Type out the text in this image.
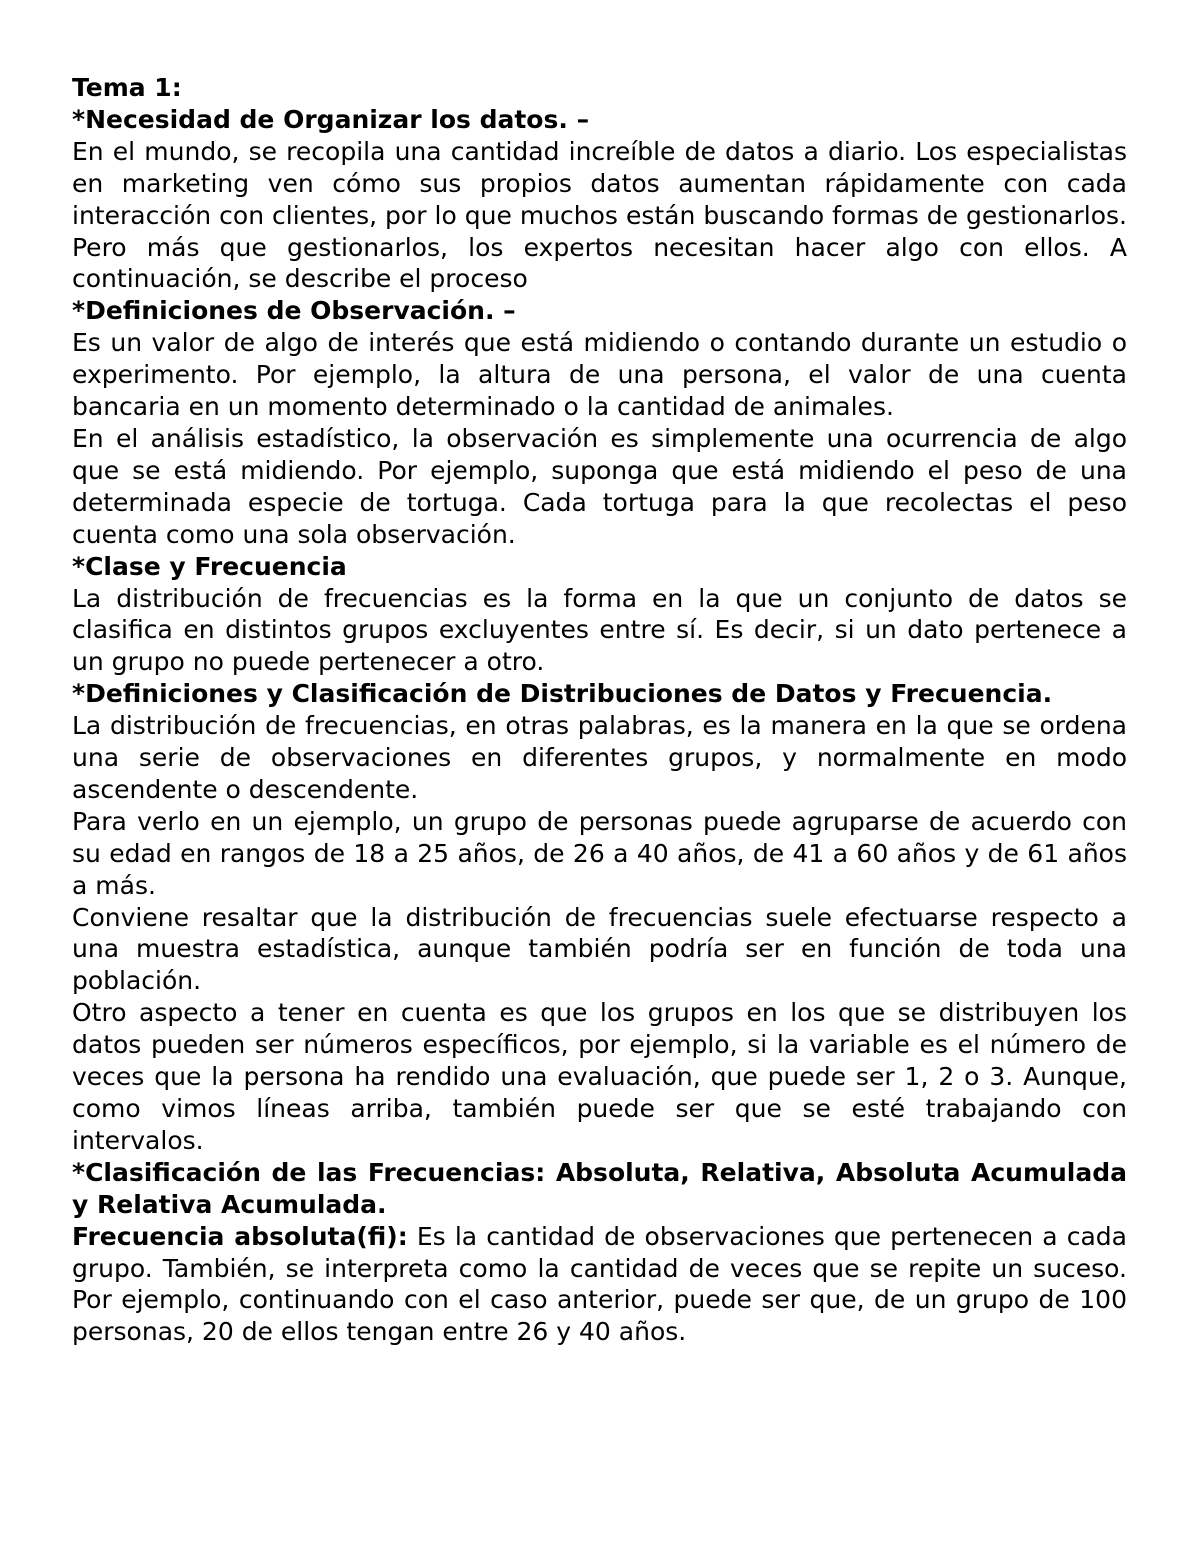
Tema 1:

*Necesidad de Organizar los datos. –

En el mundo, se recopila una cantidad increíble de datos a diario. Los especialistas en marketing ven cómo sus propios datos aumentan rápidamente con cada interacción con clientes, por lo que muchos están buscando formas de gestionarlos. Pero más que gestionarlos, los expertos necesitan hacer algo con ellos. A continuación, se describe el proceso

*Definiciones de Observación. –

Es un valor de algo de interés que está midiendo o contando durante un estudio o experimento. Por ejemplo, la altura de una persona, el valor de una cuenta bancaria en un momento determinado o la cantidad de animales.

En el análisis estadístico, la observación es simplemente una ocurrencia de algo que se está midiendo. Por ejemplo, suponga que está midiendo el peso de una determinada especie de tortuga. Cada tortuga para la que recolectas el peso cuenta como una sola observación.

*Clase y Frecuencia

La distribución de frecuencias es la forma en la que un conjunto de datos se clasifica en distintos grupos excluyentes entre sí. Es decir, si un dato pertenece a un grupo no puede pertenecer a otro.

*Definiciones y Clasificación de Distribuciones de Datos y Frecuencia.

La distribución de frecuencias, en otras palabras, es la manera en la que se ordena una serie de observaciones en diferentes grupos, y normalmente en modo ascendente o descendente.

Para verlo en un ejemplo, un grupo de personas puede agruparse de acuerdo con su edad en rangos de 18 a 25 años, de 26 a 40 años, de 41 a 60 años y de 61 años a más.

Conviene resaltar que la distribución de frecuencias suele efectuarse respecto a una muestra estadística, aunque también podría ser en función de toda una población.

Otro aspecto a tener en cuenta es que los grupos en los que se distribuyen los datos pueden ser números específicos, por ejemplo, si la variable es el número de veces que la persona ha rendido una evaluación, que puede ser 1, 2 o 3. Aunque, como vimos líneas arriba, también puede ser que se esté trabajando con intervalos.

*Clasificación de las Frecuencias: Absoluta, Relativa, Absoluta Acumulada y Relativa Acumulada.

Frecuencia absoluta(fi): Es la cantidad de observaciones que pertenecen a cada grupo. También, se interpreta como la cantidad de veces que se repite un suceso. Por ejemplo, continuando con el caso anterior, puede ser que, de un grupo de 100 personas, 20 de ellos tengan entre 26 y 40 años.
